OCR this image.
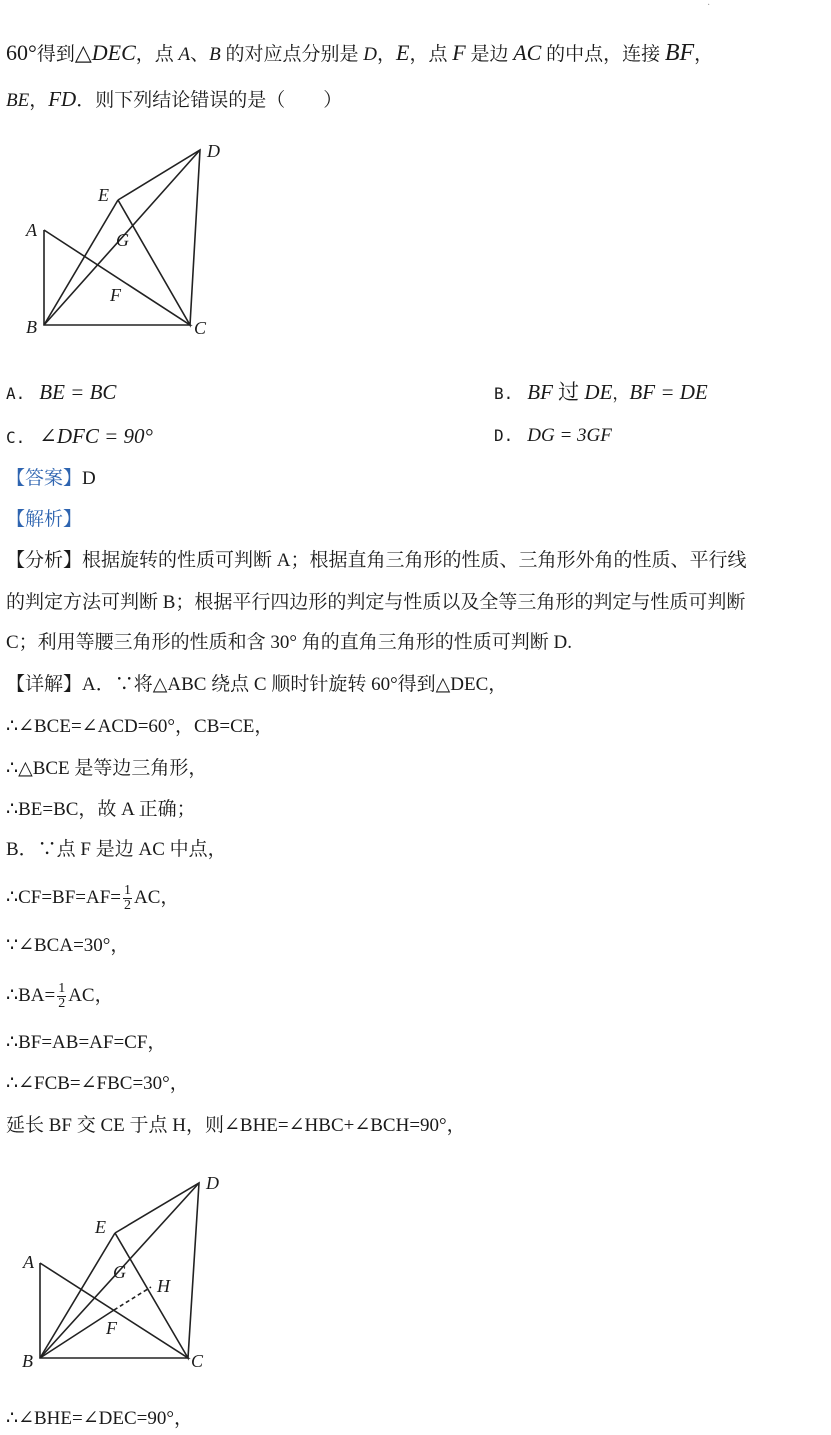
·
60°得到△DEC，点 A、B 的对应点分别是 D，E，点 F 是边 AC 的中点，连接 BF，
BE，FD．则下列结论错误的是（　　）
D
E
A	G
F
B	C
A. BE = BC	B. BF 过 DE，BF = DE
C. ∠DFC = 90°	D. DG = 3GF
【答案】D
【解析】
【分析】根据旋转的性质可判断 A；根据直角三角形的性质、三角形外角的性质、平行线
的判定方法可判断 B；根据平行四边形的判定与性质以及全等三角形的判定与性质可判断
C；利用等腰三角形的性质和含 30° 角的直角三角形的性质可判断 D.
【详解】A．∵将△ABC 绕点 C 顺时针旋转 60°得到△DEC，
∴∠BCE=∠ACD=60°，CB=CE，
∴△BCE 是等边三角形，
∴BE=BC，故 A 正确；
B．∵点 F 是边 AC 中点，
∴CF=BF=AF= $\frac{1}{2}$ AC，
∵∠BCA=30°，
∴BA= $\frac{1}{2}$ AC，
∴BF=AB=AF=CF，
∴∠FCB=∠FBC=30°，
延长 BF 交 CE 于点 H，则∠BHE=∠HBC+∠BCH=90°，
D
E
A	G
H
F
B	C
∴∠BHE=∠DEC=90°，
